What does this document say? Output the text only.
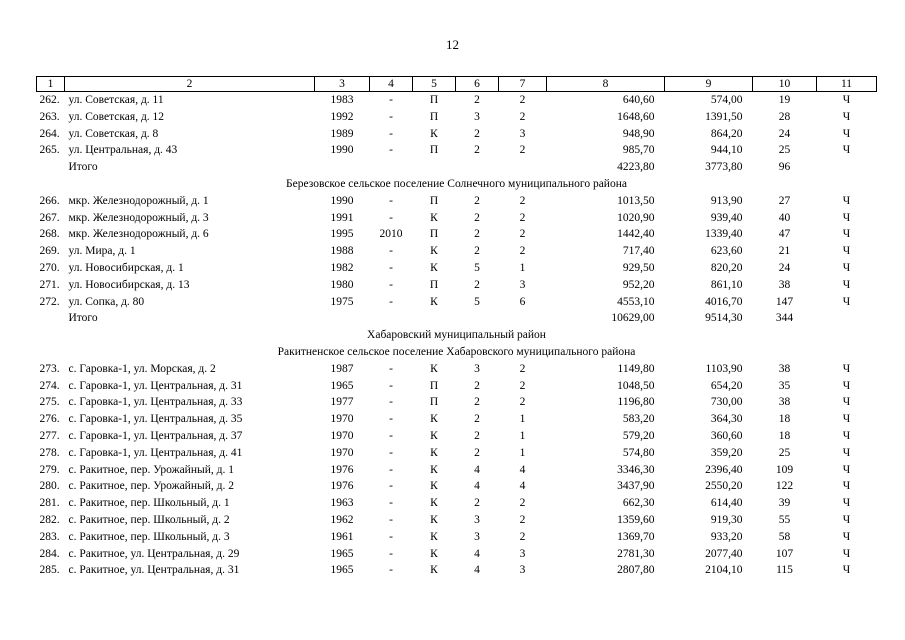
12
1	2	3	4	5	6	7	8	9	10	11
262.	ул. Советская, д. 11	1983	-	П	2	2	640,60	574,00	19	Ч
263.	ул. Советская, д. 12	1992	-	П	3	2	1648,60	1391,50	28	Ч
264.	ул. Советская, д. 8	1989	-	К	2	3	948,90	864,20	24	Ч
265.	ул. Центральная, д. 43	1990	-	П	2	2	985,70	944,10	25	Ч
	Итого						4223,80	3773,80	96	
Березовское сельское поселение Солнечного муниципального района										
266.	мкр. Железнодорожный, д. 1	1990	-	П	2	2	1013,50	913,90	27	Ч
267.	мкр. Железнодорожный, д. 3	1991	-	К	2	2	1020,90	939,40	40	Ч
268.	мкр. Железнодорожный, д. 6	1995	2010	П	2	2	1442,40	1339,40	47	Ч
269.	ул. Мира, д. 1	1988	-	К	2	2	717,40	623,60	21	Ч
270.	ул. Новосибирская, д. 1	1982	-	К	5	1	929,50	820,20	24	Ч
271.	ул. Новосибирская, д. 13	1980	-	П	2	3	952,20	861,10	38	Ч
272.	ул. Сопка, д. 80	1975	-	К	5	6	4553,10	4016,70	147	Ч
	Итого						10629,00	9514,30	344	
Хабаровский муниципальный район										
Ракитненское сельское поселение Хабаровского муниципального района										
273.	с. Гаровка-1, ул. Морская, д. 2	1987	-	К	3	2	1149,80	1103,90	38	Ч
274.	с. Гаровка-1, ул. Центральная, д. 31	1965	-	П	2	2	1048,50	654,20	35	Ч
275.	с. Гаровка-1, ул. Центральная, д. 33	1977	-	П	2	2	1196,80	730,00	38	Ч
276.	с. Гаровка-1, ул. Центральная, д. 35	1970	-	К	2	1	583,20	364,30	18	Ч
277.	с. Гаровка-1, ул. Центральная, д. 37	1970	-	К	2	1	579,20	360,60	18	Ч
278.	с. Гаровка-1, ул. Центральная, д. 41	1970	-	К	2	1	574,80	359,20	25	Ч
279.	с. Ракитное, пер. Урожайный, д. 1	1976	-	К	4	4	3346,30	2396,40	109	Ч
280.	с. Ракитное, пер. Урожайный, д. 2	1976	-	К	4	4	3437,90	2550,20	122	Ч
281.	с. Ракитное, пер. Школьный, д. 1	1963	-	К	2	2	662,30	614,40	39	Ч
282.	с. Ракитное, пер. Школьный, д. 2	1962	-	К	3	2	1359,60	919,30	55	Ч
283.	с. Ракитное, пер. Школьный, д. 3	1961	-	К	3	2	1369,70	933,20	58	Ч
284.	с. Ракитное, ул. Центральная, д. 29	1965	-	К	4	3	2781,30	2077,40	107	Ч
285.	с. Ракитное, ул. Центральная, д. 31	1965	-	К	4	3	2807,80	2104,10	115	Ч
